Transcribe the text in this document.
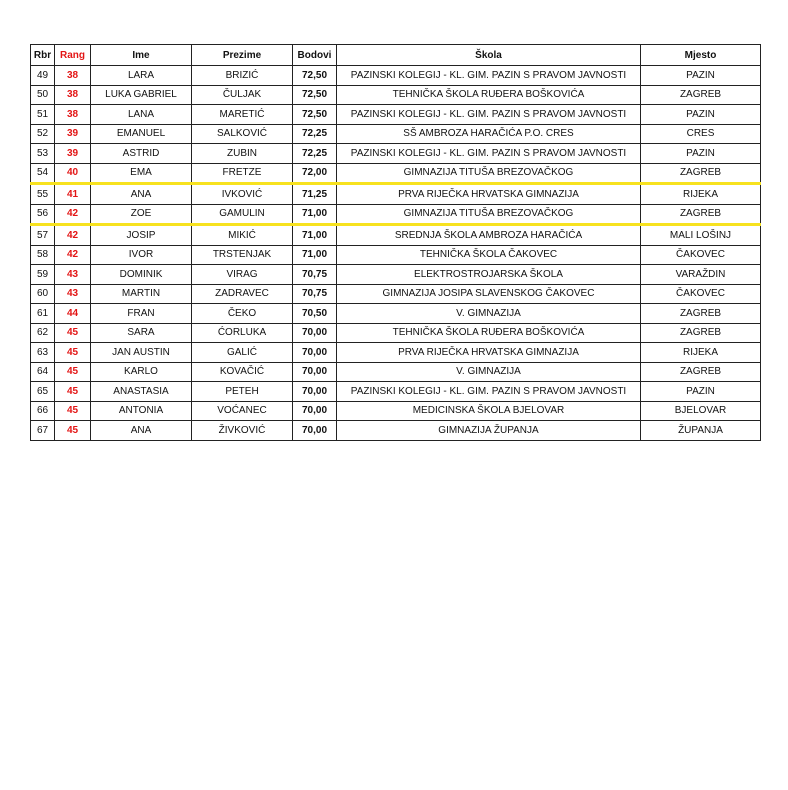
Rbr	Rang	Ime	Prezime	Bodovi	Škola	Mjesto
49	38	LARA	BRIZIĆ	72,50	PAZINSKI KOLEGIJ - KL. GIM. PAZIN S PRAVOM JAVNOSTI	PAZIN
50	38	LUKA GABRIEL	ČULJAK	72,50	TEHNIČKA ŠKOLA RUĐERA BOŠKOVIĆA	ZAGREB
51	38	LANA	MARETIĆ	72,50	PAZINSKI KOLEGIJ - KL. GIM. PAZIN S PRAVOM JAVNOSTI	PAZIN
52	39	EMANUEL	SALKOVIĆ	72,25	SŠ AMBROZA HARAČIĆA P.O. CRES	CRES
53	39	ASTRID	ZUBIN	72,25	PAZINSKI KOLEGIJ - KL. GIM. PAZIN S PRAVOM JAVNOSTI	PAZIN
54	40	EMA	FRETZE	72,00	GIMNAZIJA TITUŠA BREZOVAČKOG	ZAGREB
55	41	ANA	IVKOVIĆ	71,25	PRVA RIJEČKA HRVATSKA GIMNAZIJA	RIJEKA
56	42	ZOE	GAMULIN	71,00	GIMNAZIJA TITUŠA BREZOVAČKOG	ZAGREB
57	42	JOSIP	MIKIĆ	71,00	SREDNJA ŠKOLA AMBROZA HARAČIĆA	MALI LOŠINJ
58	42	IVOR	TRSTENJAK	71,00	TEHNIČKA ŠKOLA ČAKOVEC	ČAKOVEC
59	43	DOMINIK	VIRAG	70,75	ELEKTROSTROJARSKA ŠKOLA	VARAŽDIN
60	43	MARTIN	ZADRAVEC	70,75	GIMNAZIJA JOSIPA SLAVENSKOG ČAKOVEC	ČAKOVEC
61	44	FRAN	ČEKO	70,50	V. GIMNAZIJA	ZAGREB
62	45	SARA	ĆORLUKA	70,00	TEHNIČKA ŠKOLA RUĐERA BOŠKOVIĆA	ZAGREB
63	45	JAN AUSTIN	GALIĆ	70,00	PRVA RIJEČKA HRVATSKA GIMNAZIJA	RIJEKA
64	45	KARLO	KOVAČIĆ	70,00	V. GIMNAZIJA	ZAGREB
65	45	ANASTASIA	PETEH	70,00	PAZINSKI KOLEGIJ - KL. GIM. PAZIN S PRAVOM JAVNOSTI	PAZIN
66	45	ANTONIA	VOĆANEC	70,00	MEDICINSKA ŠKOLA BJELOVAR	BJELOVAR
67	45	ANA	ŽIVKOVIĆ	70,00	GIMNAZIJA ŽUPANJA	ŽUPANJA
